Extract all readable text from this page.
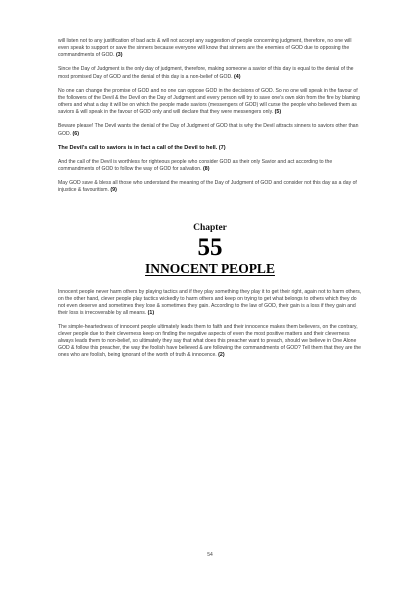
will listen not to any justification of bad acts & will not accept any suggestion of people concerning judgment, therefore, no one will even speak to support or save the sinners because everyone will know that sinners are the enemies of GOD due to opposing the commandments of GOD. (3)

Since the Day of Judgment is the only day of judgment, therefore, making someone a savior of this day is equal to the denial of the most promised Day of GOD and the denial of this day is a non-belief of GOD. (4)

No one can change the promise of GOD and no one can oppose GOD in the decisions of GOD. So no one will speak in the favour of the followers of the Devil & the Devil on the Day of Judgment and every person will try to save one's own skin from the fire by blaming others and what a day it will be on which the people made saviors (messengers of GOD) will curse the people who believed them as saviors & will speak in the favour of GOD only and will declare that they were messengers only. (5)

Beware please! The Devil wants the denial of the Day of Judgment of GOD that is why the Devil attracts sinners to saviors other than GOD. (6)

The Devil's call to saviors is in fact a call of the Devil to hell. (7)

And the call of the Devil is worthless for righteous people who consider GOD as their only Savior and act according to the commandments of GOD to follow the way of GOD for salvation. (8)

May GOD save & bless all those who understand the meaning of the Day of Judgment of GOD and consider not this day as a day of injustice & favouritism. (9)

Chapter
55
INNOCENT PEOPLE

Innocent people never harm others by playing tactics and if they play something they play it to get their right, again not to harm others, on the other hand, clever people play tactics wickedly to harm others and keep on trying to get what belongs to others which they do not even deserve and sometimes they lose & sometimes they gain. According to the law of GOD, their gain is a loss if they gain and their loss is irrecoverable by all means. (1)

The simple-heartedness of innocent people ultimately leads them to faith and their innocence makes them believers, on the contrary, clever people due to their cleverness keep on finding the negative aspects of even the most positive matters and their cleverness always leads them to non-belief, so ultimately they say that what does this preacher want to preach, should we believe in One Alone GOD & follow this preacher, the way the foolish have believed & are following the commandments of GOD? Tell them that they are the ones who are foolish, being ignorant of the worth of truth & innocence. (2)

54
